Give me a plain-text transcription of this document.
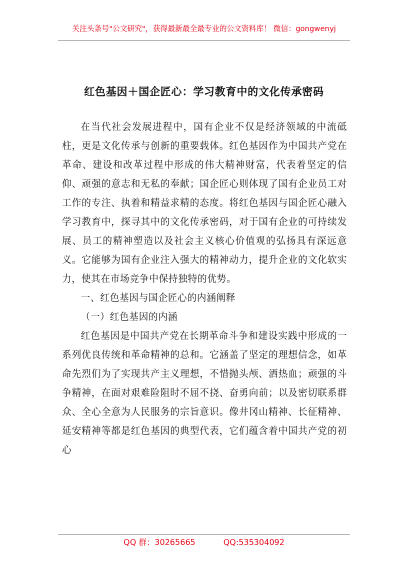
关注头条号"公文研究"，获得最新最全最专业的公文资料库！ 微信：gongwenyj
红色基因＋国企匠心：学习教育中的文化传承密码

在当代社会发展进程中，国有企业不仅是经济领域的中流砥柱，更是文化传承与创新的重要载体。红色基因作为中国共产党在革命、建设和改革过程中形成的伟大精神财富，代表着坚定的信仰、顽强的意志和无私的奉献；国企匠心则体现了国有企业员工对工作的专注、执着和精益求精的态度。将红色基因与国企匠心融入学习教育中，探寻其中的文化传承密码，对于国有企业的可持续发展、员工的精神塑造以及社会主义核心价值观的弘扬具有深远意义。它能够为国有企业注入强大的精神动力，提升企业的文化软实力，使其在市场竞争中保持独特的优势。

一、红色基因与国企匠心的内涵阐释

（一）红色基因的内涵

红色基因是中国共产党在长期革命斗争和建设实践中形成的一系列优良传统和革命精神的总和。它涵盖了坚定的理想信念，如革命先烈们为了实现共产主义理想，不惜抛头颅、洒热血；顽强的斗争精神，在面对艰难险阻时不屈不挠、奋勇向前；以及密切联系群众、全心全意为人民服务的宗旨意识。像井冈山精神、长征精神、延安精神等都是红色基因的典型代表，它们蕴含着中国共产党的初心

QQ 群：30265665	QQ:535304092
